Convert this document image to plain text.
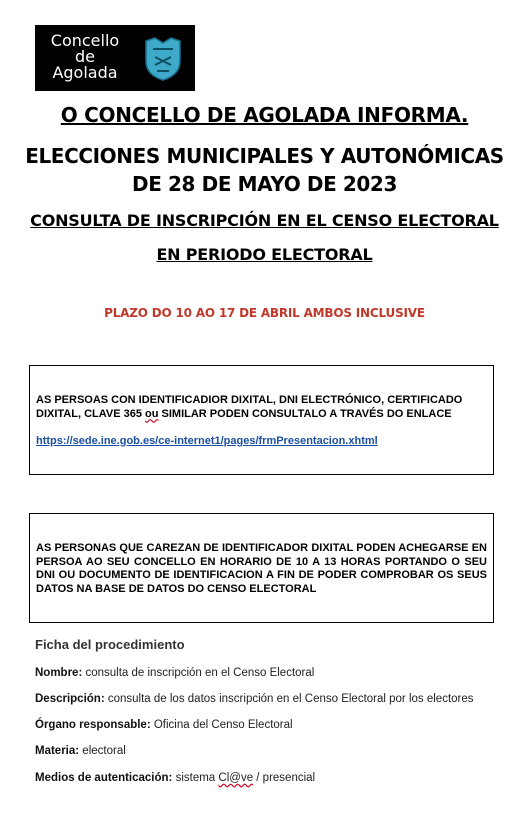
Concello
de
Agolada
O CONCELLO DE AGOLADA INFORMA.
ELECCIONES MUNICIPALES Y AUTONÓMICAS
DE 28 DE MAYO DE 2023
CONSULTA DE INSCRIPCIÓN EN EL CENSO ELECTORAL
EN PERIODO ELECTORAL
PLAZO DO 10 AO 17 DE ABRIL AMBOS INCLUSIVE
AS PERSOAS CON IDENTIFICADIOR DIXITAL, DNI ELECTRÓNICO, CERTIFICADO DIXITAL, CLAVE 365 ou SIMILAR PODEN CONSULTALO A TRAVÉS DO ENLACE
https://sede.ine.gob.es/ce-internet1/pages/frmPresentacion.xhtml
AS PERSONAS QUE CAREZAN DE IDENTIFICADOR DIXITAL PODEN ACHEGARSE EN PERSOA AO SEU CONCELLO EN HORARIO DE 10 A 13 HORAS PORTANDO O SEU DNI OU DOCUMENTO DE IDENTIFICACION A FIN DE PODER COMPROBAR OS SEUS DATOS NA BASE DE DATOS DO CENSO ELECTORAL
Ficha del procedimiento
Nombre: consulta de inscripción en el Censo Electoral
Descripción: consulta de los datos inscripción en el Censo Electoral por los electores
Órgano responsable: Oficina del Censo Electoral
Materia: electoral
Medios de autenticación: sistema Cl@ve / presencial
